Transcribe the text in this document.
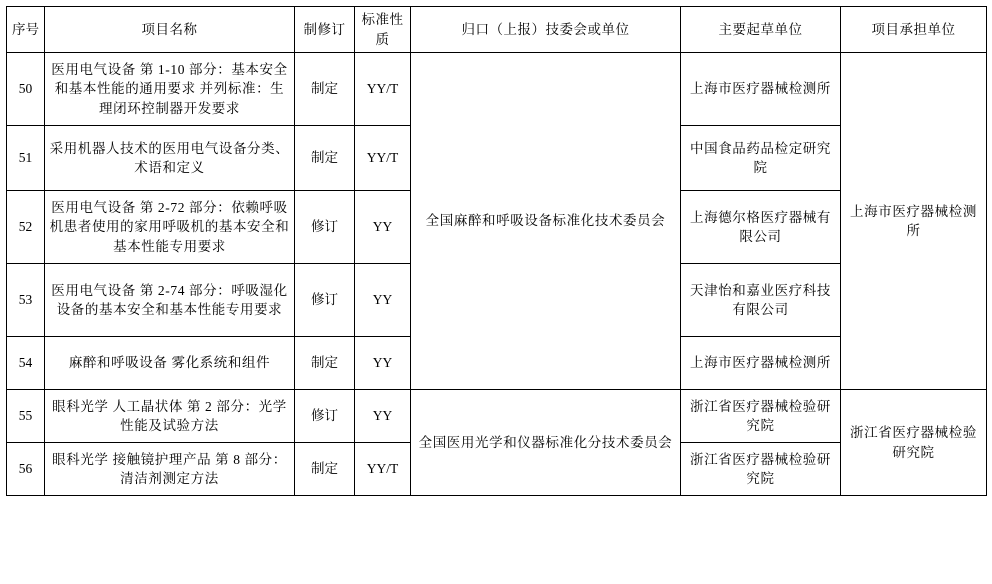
序号	项目名称	制修订	标准性质	归口（上报）技委会或单位	主要起草单位	项目承担单位
50	医用电气设备 第 1-10 部分：基本安全和基本性能的通用要求 并列标准：生理闭环控制器开发要求	制定	YY/T	全国麻醉和呼吸设备标准化技术委员会	上海市医疗器械检测所	上海市医疗器械检测所
51	采用机器人技术的医用电气设备分类、术语和定义	制定	YY/T		中国食品药品检定研究院	
52	医用电气设备 第 2-72 部分：依赖呼吸机患者使用的家用呼吸机的基本安全和基本性能专用要求	修订	YY		上海德尔格医疗器械有限公司	
53	医用电气设备 第 2-74 部分：呼吸湿化设备的基本安全和基本性能专用要求	修订	YY		天津怡和嘉业医疗科技有限公司	
54	麻醉和呼吸设备 雾化系统和组件	制定	YY		上海市医疗器械检测所	
55	眼科光学 人工晶状体 第 2 部分：光学性能及试验方法	修订	YY	全国医用光学和仪器标准化分技术委员会	浙江省医疗器械检验研究院	浙江省医疗器械检验研究院
56	眼科光学 接触镜护理产品 第 8 部分：清洁剂测定方法	制定	YY/T		浙江省医疗器械检验研究院	
